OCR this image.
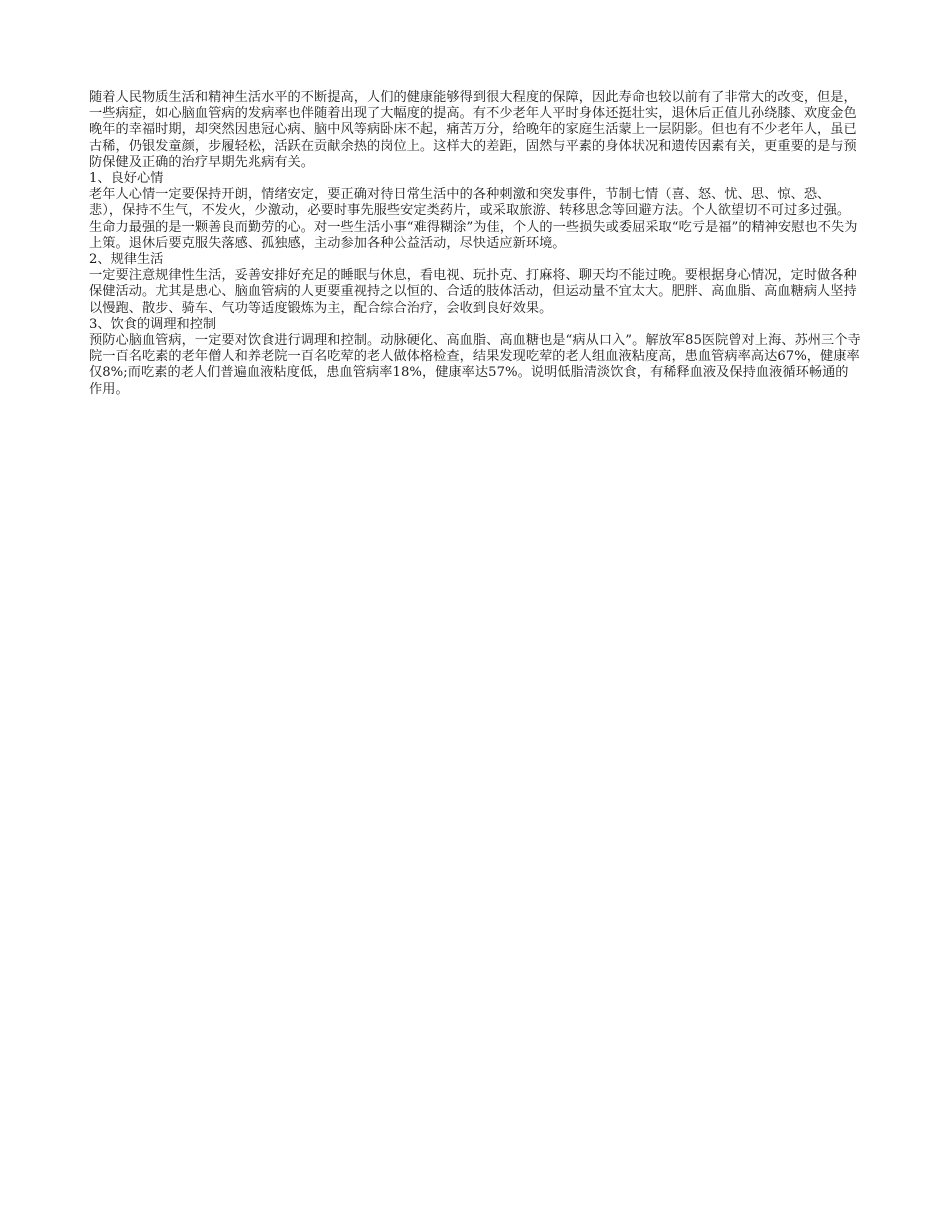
随着人民物质生活和精神生活水平的不断提高，人们的健康能够得到很大程度的保障，因此寿命也较以前有了非常大的改变，但是，一些病症，如心脑血管病的发病率也伴随着出现了大幅度的提高。有不少老年人平时身体还挺壮实，退休后正值儿孙绕膝、欢度金色晚年的幸福时期，却突然因患冠心病、脑中风等病卧床不起，痛苦万分，给晚年的家庭生活蒙上一层阴影。但也有不少老年人，虽已古稀，仍银发童颜，步履轻松，活跃在贡献余热的岗位上。这样大的差距，固然与平素的身体状况和遗传因素有关，更重要的是与预防保健及正确的治疗早期先兆病有关。

1、良好心情

老年人心情一定要保持开朗，情绪安定，要正确对待日常生活中的各种刺激和突发事件，节制七情（喜、怒、忧、思、惊、恐、悲），保持不生气，不发火，少激动，必要时事先服些安定类药片，或采取旅游、转移思念等回避方法。个人欲望切不可过多过强。生命力最强的是一颗善良而勤劳的心。对一些生活小事“难得糊涂”为佳，个人的一些损失或委屈采取“吃亏是福”的精神安慰也不失为上策。退休后要克服失落感、孤独感，主动参加各种公益活动，尽快适应新环境。

2、规律生活

一定要注意规律性生活，妥善安排好充足的睡眠与休息，看电视、玩扑克、打麻将、聊天均不能过晚。要根据身心情况，定时做各种保健活动。尤其是患心、脑血管病的人更要重视持之以恒的、合适的肢体活动，但运动量不宜太大。肥胖、高血脂、高血糖病人坚持以慢跑、散步、骑车、气功等适度锻炼为主，配合综合治疗，会收到良好效果。

3、饮食的调理和控制

预防心脑血管病，一定要对饮食进行调理和控制。动脉硬化、高血脂、高血糖也是“病从口入”。解放军85医院曾对上海、苏州三个寺院一百名吃素的老年僧人和养老院一百名吃荤的老人做体格检查，结果发现吃荤的老人组血液粘度高，患血管病率高达67%，健康率仅8%;而吃素的老人们普遍血液粘度低，患血管病率18%，健康率达57%。说明低脂清淡饮食，有稀释血液及保持血液循环畅通的作用。
